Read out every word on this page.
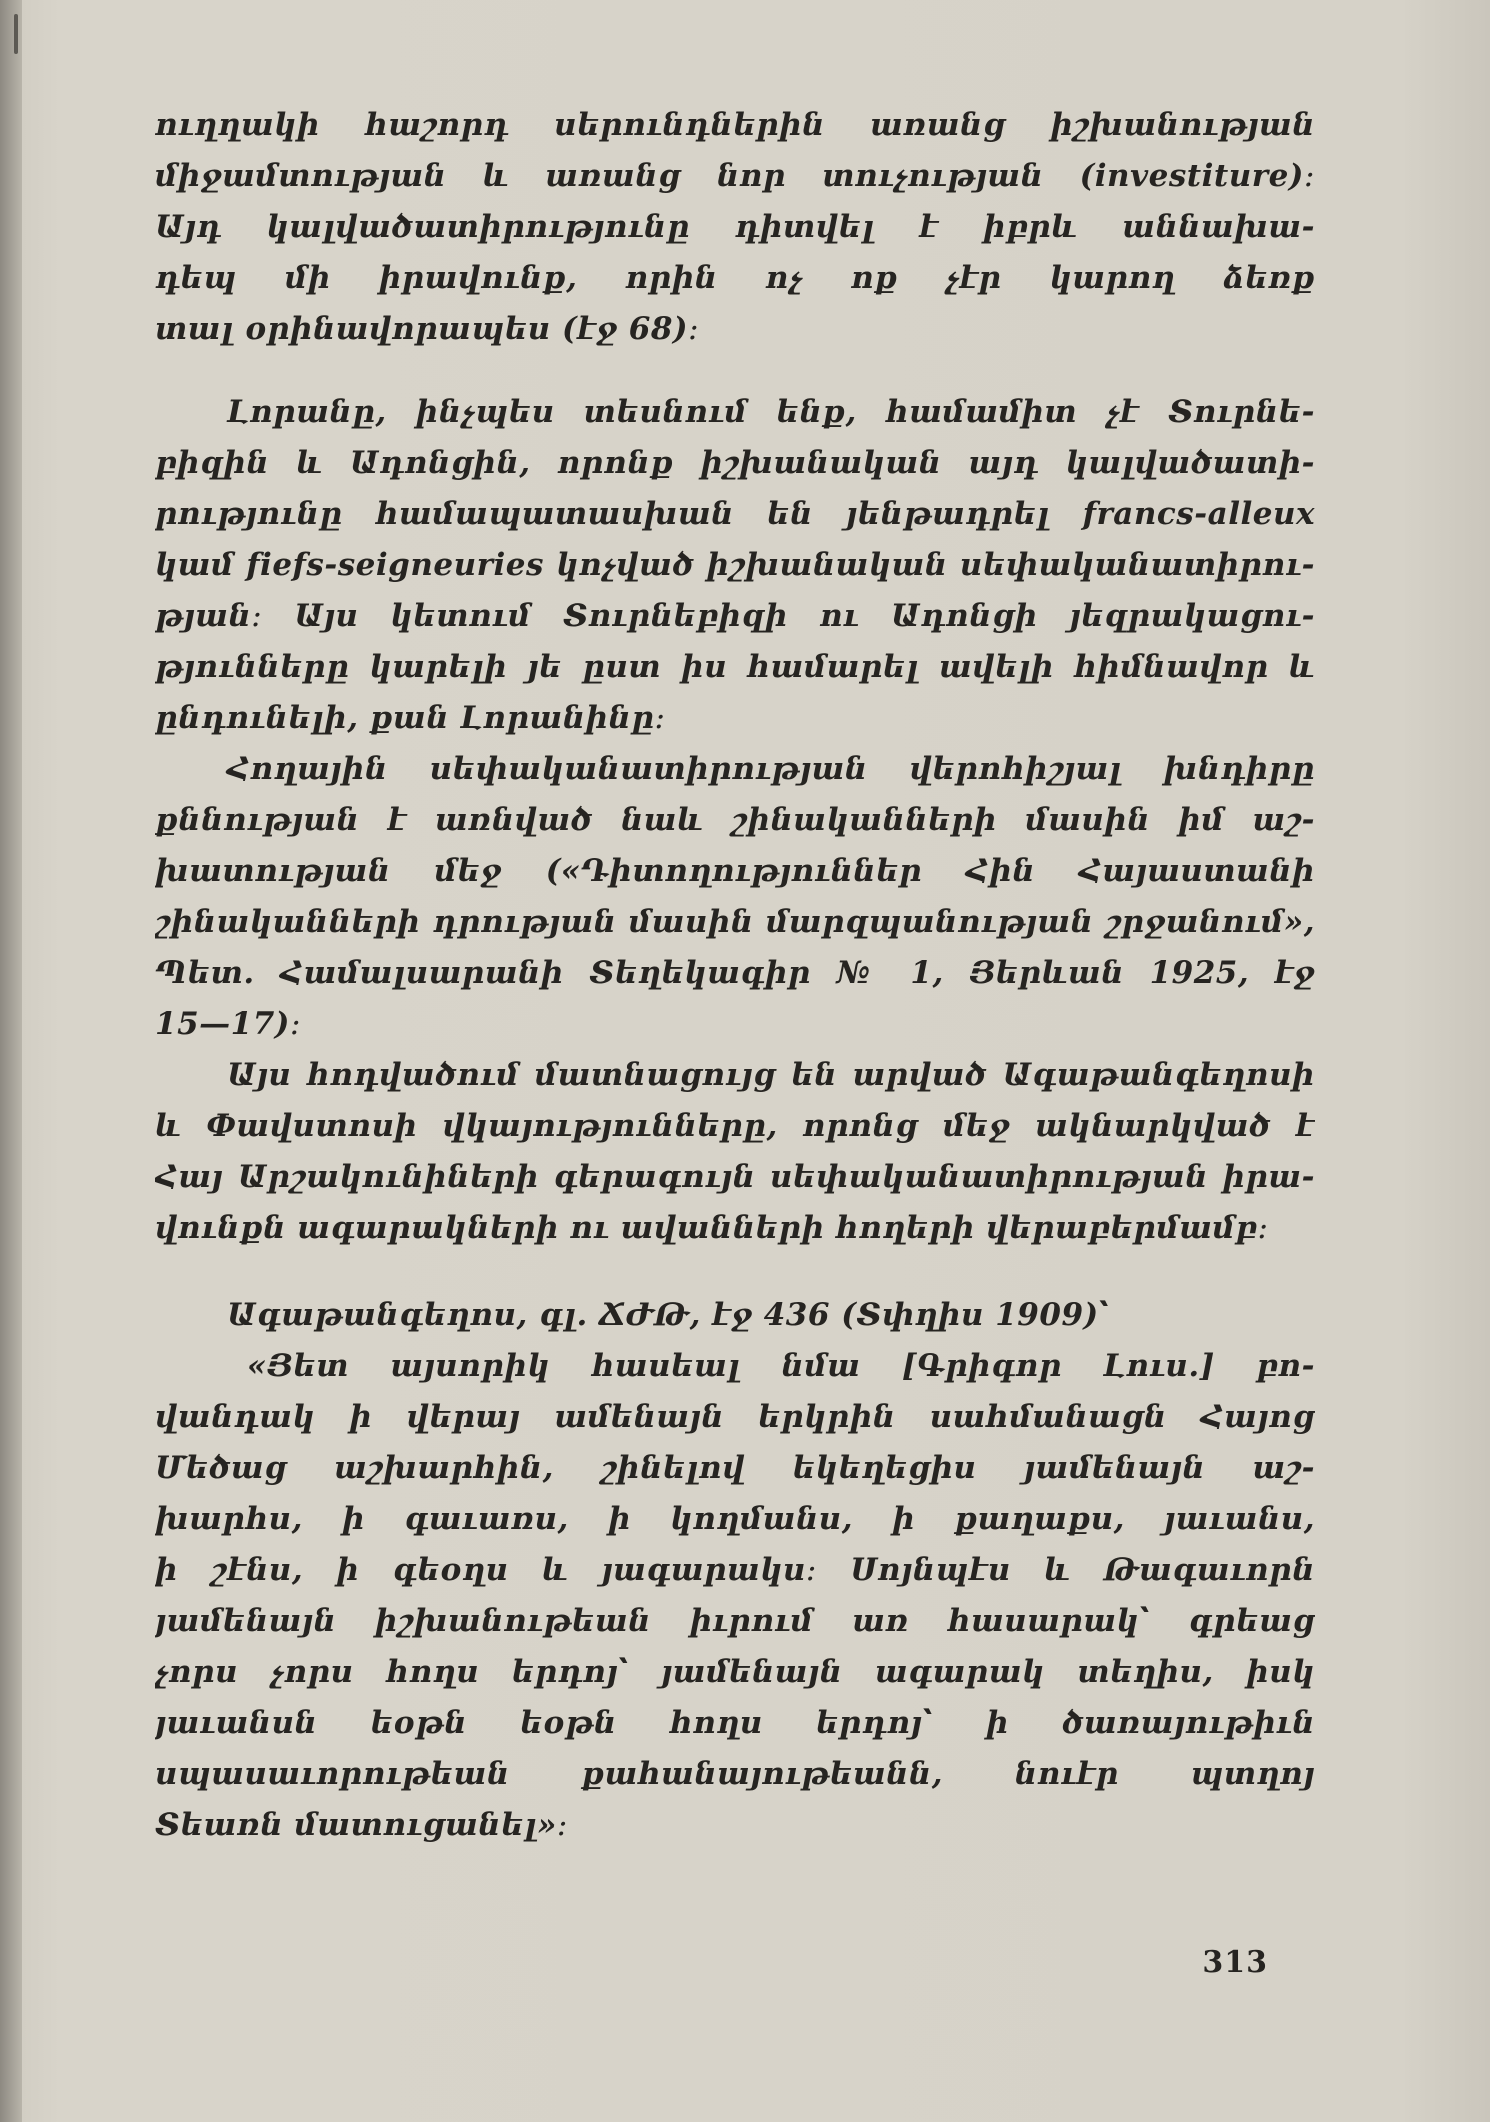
ուղղակի հաշորդ սերունդներին առանց իշխանության
միջամտության և առանց նոր տուչության (investiture)։
Այդ կալվածատիրությունը դիտվել է իբրև աննախա-
դեպ մի իրավունք, որին ոչ ոք չէր կարող ձեռք
տալ օրինավորապես (էջ 68)։
Լորանը, ինչպես տեսնում ենք, համամիտ չէ Տուրնե-
բիզին և Ադոնցին, որոնք իշխանական այդ կալվածատի-
րությունը համապատասխան են յենթադրել francs-alleux
կամ fiefs-seigneuries կոչված իշխանական սեփականատիրու-
թյան։ Այս կետում Տուրնեբիզի ու Ադոնցի յեզրակացու-
թյունները կարելի յե ըստ իս համարել ավելի հիմնավոր և
ընդունելի, քան Լորանինը։
Հողային սեփականատիրության վերոհիշյալ խնդիրը
քննության է առնված նաև շինականների մասին իմ աշ-
խատության մեջ («Դիտողություններ Հին Հայաստանի
շինականների դրության մասին մարզպանության շրջանում»,
Պետ. Համալսարանի Տեղեկագիր № 1, Յերևան 1925, էջ
15—17)։
Այս հոդվածում մատնացույց են արված Ագաթանգեղոսի
և Փավստոսի վկայությունները, որոնց մեջ ակնարկված է
Հայ Արշակունիների գերագույն սեփականատիրության իրա-
վունքն ագարակների ու ավանների հողերի վերաբերմամբ։
Ագաթանգեղոս, գլ. ՃԺԹ, էջ 436 (Տփղիս 1909)՝
«Յետ այսորիկ հասեալ նմա [Գրիգոր Լուս.] բո-
վանդակ ի վերայ ամենայն երկրին սահմանացն Հայոց
Մեծաց աշխարհին, շինելով եկեղեցիս յամենայն աշ-
խարհս, ի գաւառս, ի կողմանս, ի քաղաքս, յաւանս,
ի շէնս, ի գեօղս և յագարակս։ Սոյնպէս և Թագաւորն
յամենայն իշխանութեան իւրում առ հասարակ՝ գրեաց
չորս չորս հողս երդոյ՝ յամենայն ագարակ տեղիս, իսկ
յաւանսն եօթն եօթն հողս երդոյ՝ ի ծառայութիւն
սպասաւորութեան քահանայութեանն, նուէր պտղոյ
Տեառն մատուցանել»։
313
